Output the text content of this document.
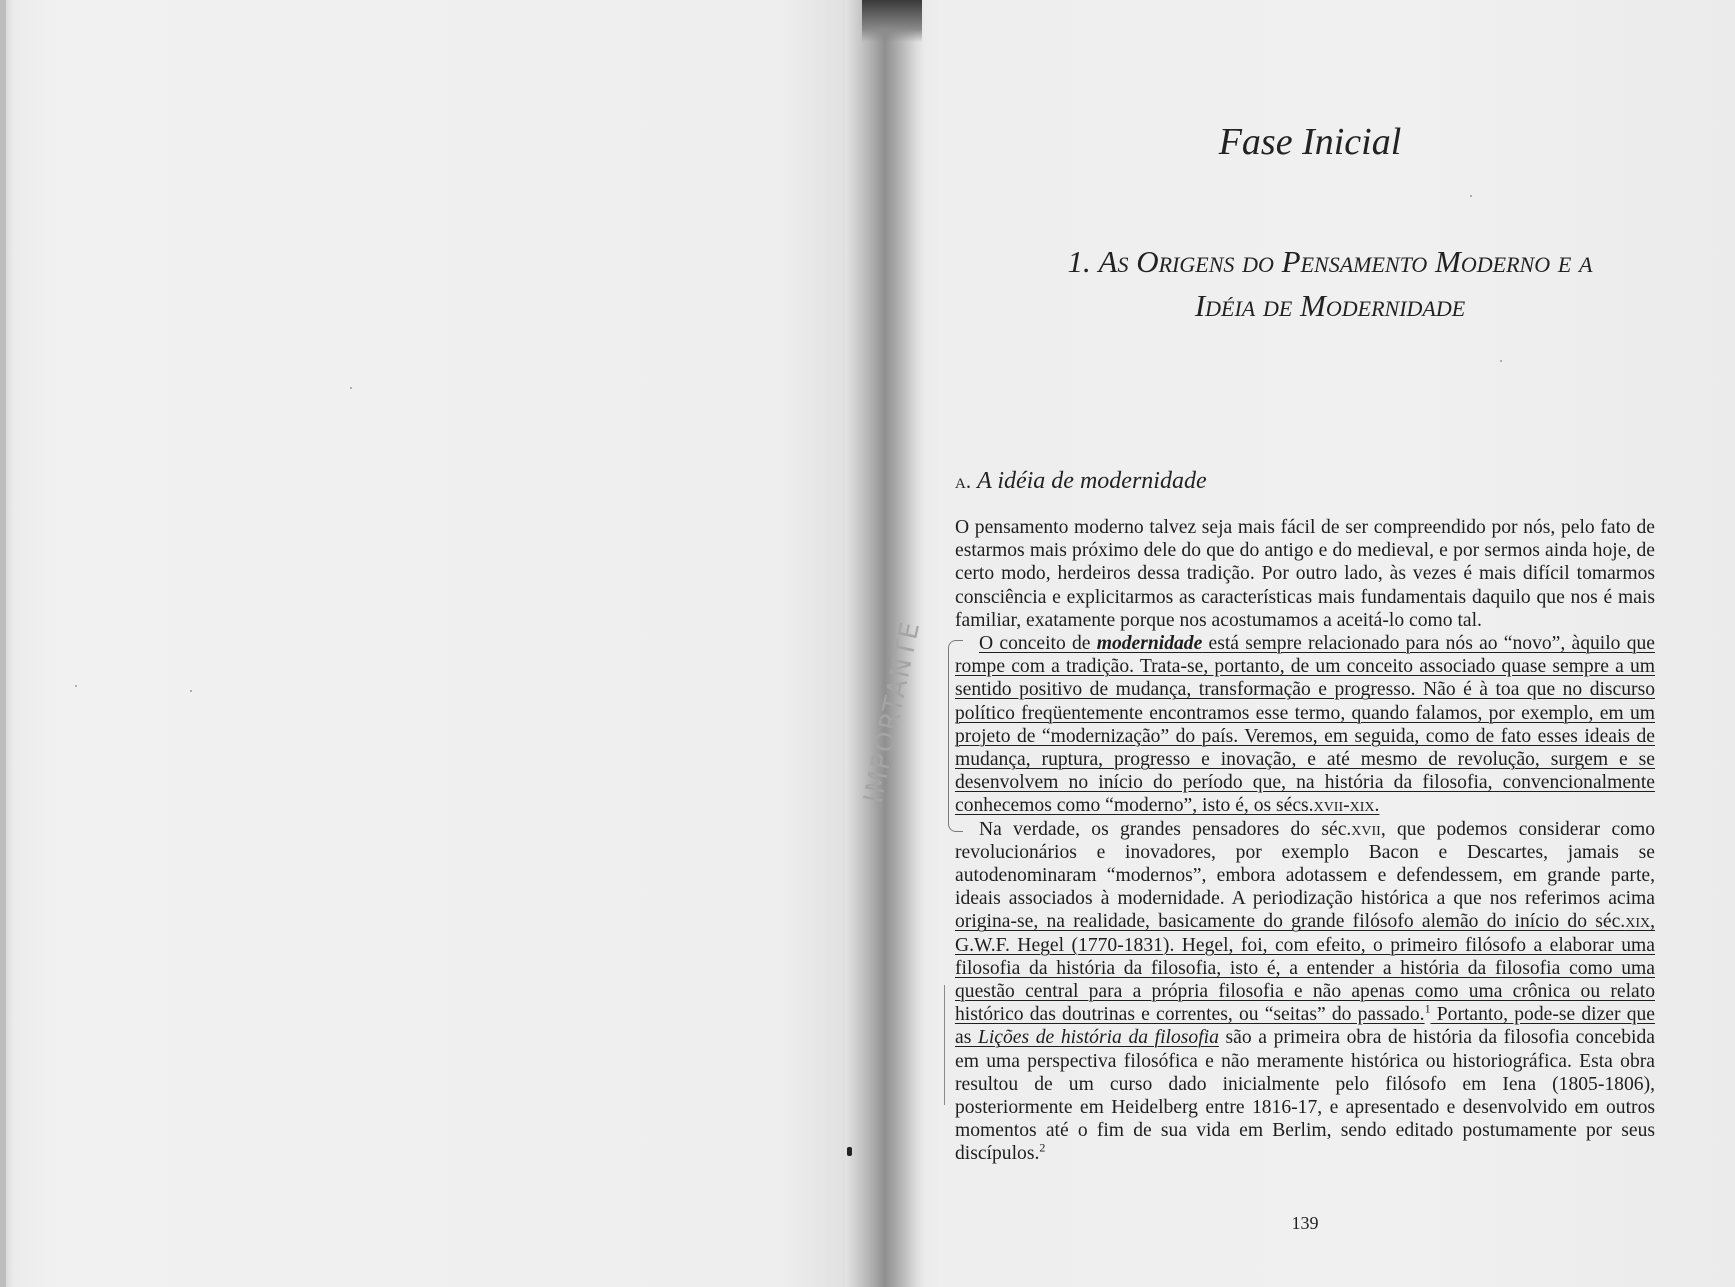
Fase Inicial
1. As Origens do Pensamento Moderno e a
Idéia de Modernidade
a. A idéia de modernidade
IMPORTANTE

O pensamento moderno talvez seja mais fácil de ser compreendido por nós, pelo fato de estarmos mais próximo dele do que do antigo e do medieval, e por sermos ainda hoje, de certo modo, herdeiros dessa tradição. Por outro lado, às vezes é mais difícil tomarmos consciência e explicitarmos as características mais fundamentais daquilo que nos é mais familiar, exatamente porque nos acostumamos a aceitá-lo como tal.

O conceito de modernidade está sempre relacionado para nós ao “novo”, àquilo que rompe com a tradição. Trata-se, portanto, de um conceito associado quase sempre a um sentido positivo de mudança, transformação e progresso. Não é à toa que no discurso político freqüentemente encontramos esse termo, quando falamos, por exemplo, em um projeto de “modernização” do país. Veremos, em seguida, como de fato esses ideais de mudança, ruptura, progresso e inovação, e até mesmo de revolução, surgem e se desenvolvem no início do período que, na história da filosofia, convencionalmente conhecemos como “moderno”, isto é, os sécs.xvii-xix.

Na verdade, os grandes pensadores do séc.xvii, que podemos considerar como revolucionários e inovadores, por exemplo Bacon e Descartes, jamais se autodenominaram “modernos”, embora adotassem e defendessem, em grande parte, ideais associados à modernidade. A periodização histórica a que nos referimos acima origina-se, na realidade, basicamente do grande filósofo alemão do início do séc.xix, G.W.F. Hegel (1770-1831). Hegel, foi, com efeito, o primeiro filósofo a elaborar uma filosofia da história da filosofia, isto é, a entender a história da filosofia como uma questão central para a própria filosofia e não apenas como uma crônica ou relato histórico das doutrinas e correntes, ou “seitas” do passado.$^1$ Portanto, pode-se dizer que as Lições de história da filosofia são a primeira obra de história da filosofia concebida em uma perspectiva filosófica e não meramente histórica ou historiográfica. Esta obra resultou de um curso dado inicialmente pelo filósofo em Iena (1805-1806), posteriormente em Heidelberg entre 1816-17, e apresentado e desenvolvido em outros momentos até o fim de sua vida em Berlim, sendo editado postumamente por seus discípulos.$^2$

139
